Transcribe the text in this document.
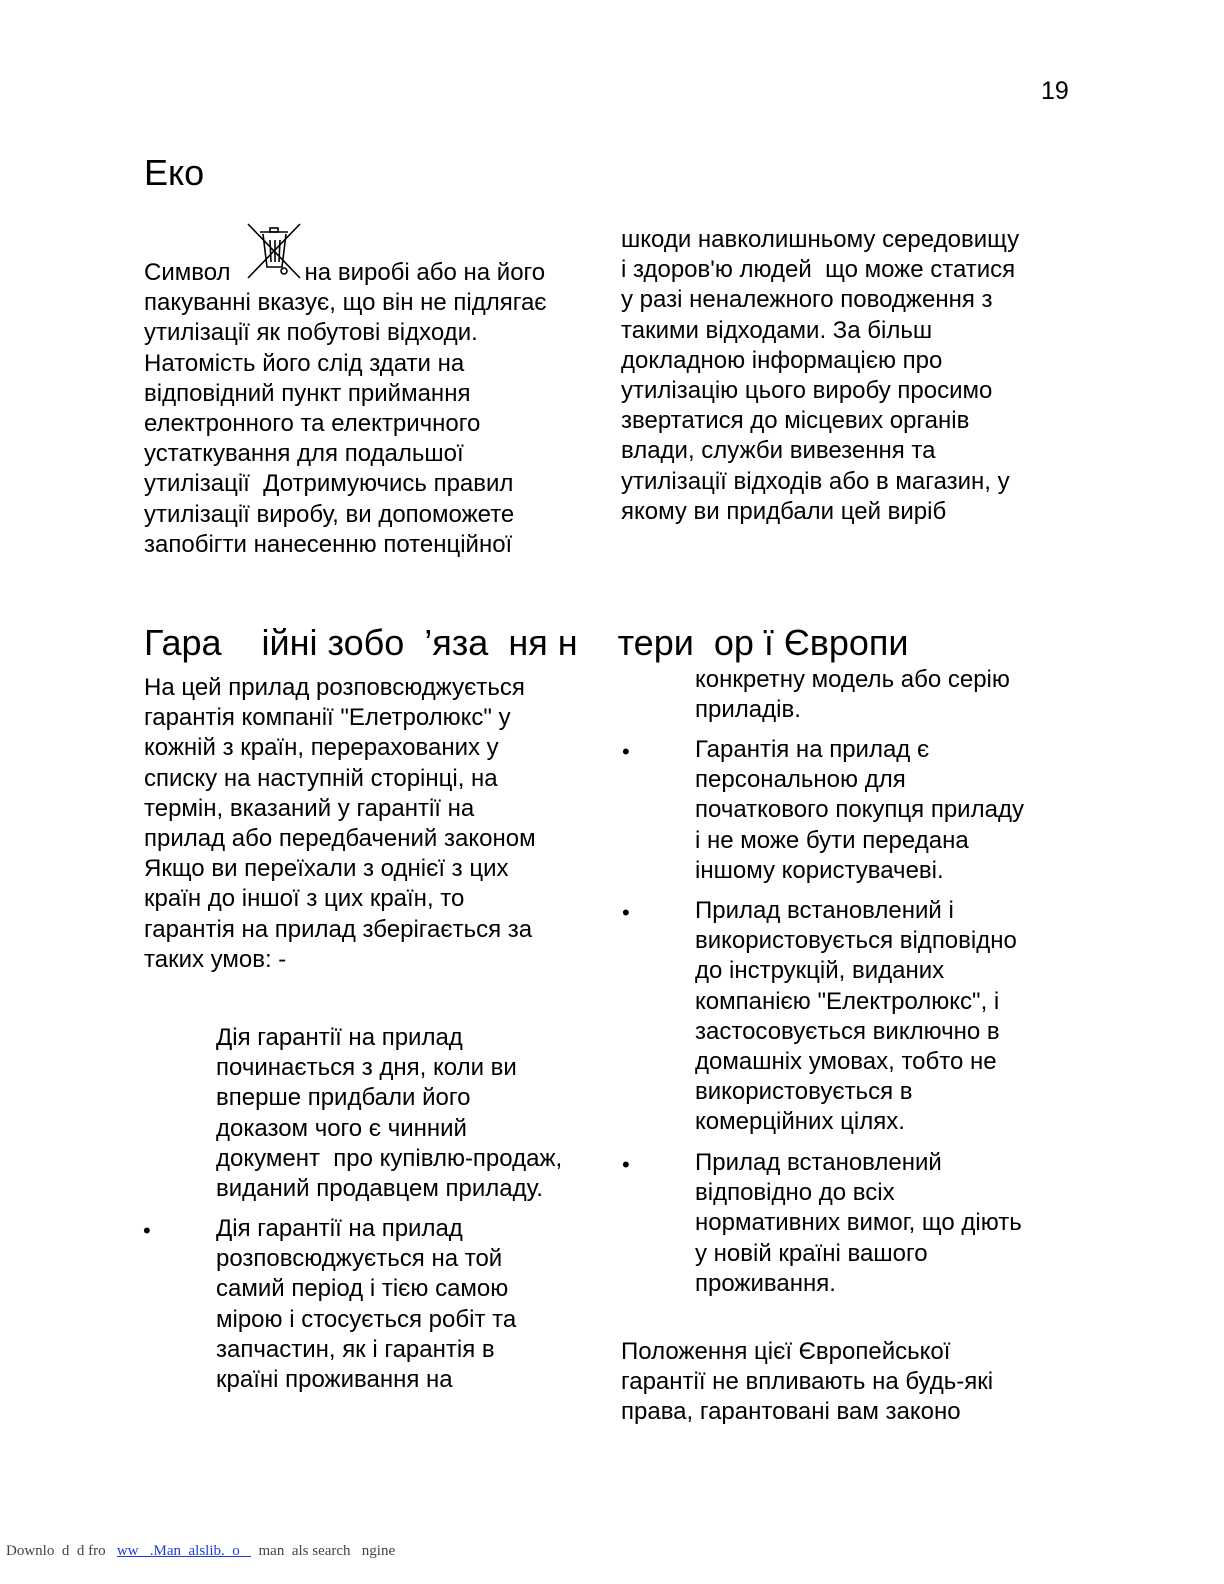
19
Еко
Символ	на виробі або на його
пакуванні вказує, що він не підлягає
утилізації як побутові відходи.
Натомість його слід здати на
відповідний пункт приймання
електронного та електричного
устаткування для подальшої
утилізації  Дотримуючись правил
утилізації виробу, ви допоможете
запобігти нанесенню потенційної
шкоди навколишньому середовищу
і здоров'ю людей  що може статися
у разі неналежного поводження з
такими відходами. За більш
докладною інформацією про
утилізацію цього виробу просимо
звертатися до місцевих органів
влади, служби вивезення та
утилізації відходів або в магазин, у
якому ви придбали цей виріб
Гара    ійні зобо  ’яза  ня н    тери  ор ї Європи
На цей прилад розповсюджується
гарантія компанії "Елетролюкс" у
кожній з країн, перерахованих у
списку на наступній сторінці, на
термін, вказаний у гарантії на
прилад або передбачений законом
Якщо ви переїхали з однієї з цих
країн до іншої з цих країн, то
гарантія на прилад зберігається за
таких умов: -
Дія гарантії на прилад
починається з дня, коли ви
вперше придбали його
доказом чого є чинний
документ  про купівлю-продаж,
виданий продавцем приладу.
•	Дія гарантії на прилад
розповсюджується на той
самий період і тією самою
мірою і стосується робіт та
запчастин, як і гарантія в
країні проживання на
конкретну модель або серію
приладів.
•	Гарантія на прилад є
персональною для
початкового покупця приладу
і не може бути передана
іншому користувачеві.
•	Прилад встановлений і
використовується відповідно
до інструкцій, виданих
компанією "Електролюкс", і
застосовується виключно в
домашніх умовах, тобто не
використовується в
комерційних цілях.
•	Прилад встановлений
відповідно до всіх
нормативних вимог, що діють
у новій країні вашого
проживання.
Положення цієї Європейської
гарантії не впливають на будь-які
права, гарантовані вам законо
Downlo  d  d fro   ww   .Man  alslib.  o     man  als search   ngine
